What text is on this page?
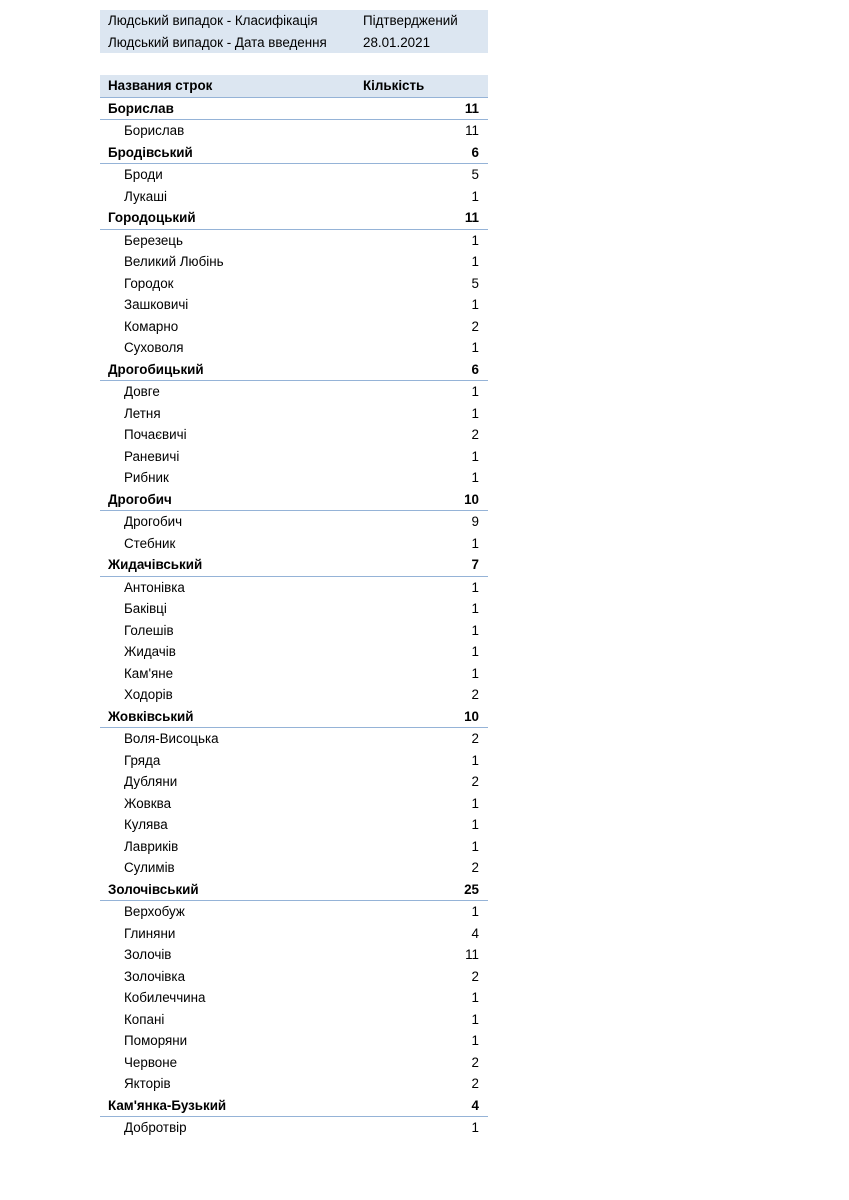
Людський випадок - Класифікація	Підтверджений
Людський випадок - Дата введення	28.01.2021
Названия строк	Кількість
Борислав	11
Борислав	11
Бродівський	6
Броди	5
Лукаші	1
Городоцький	11
Березець	1
Великий Любінь	1
Городок	5
Зашковичі	1
Комарно	2
Суховоля	1
Дрогобицький	6
Довге	1
Летня	1
Почаєвичі	2
Раневичі	1
Рибник	1
Дрогобич	10
Дрогобич	9
Стебник	1
Жидачівський	7
Антонівка	1
Баківці	1
Голешів	1
Жидачів	1
Кам'яне	1
Ходорів	2
Жовківський	10
Воля-Висоцька	2
Гряда	1
Дубляни	2
Жовква	1
Кулява	1
Лавриків	1
Сулимів	2
Золочівський	25
Верхобуж	1
Глиняни	4
Золочів	11
Золочівка	2
Кобилеччина	1
Копані	1
Поморяни	1
Червоне	2
Якторів	2
Кам'янка-Бузький	4
Добротвір	1
